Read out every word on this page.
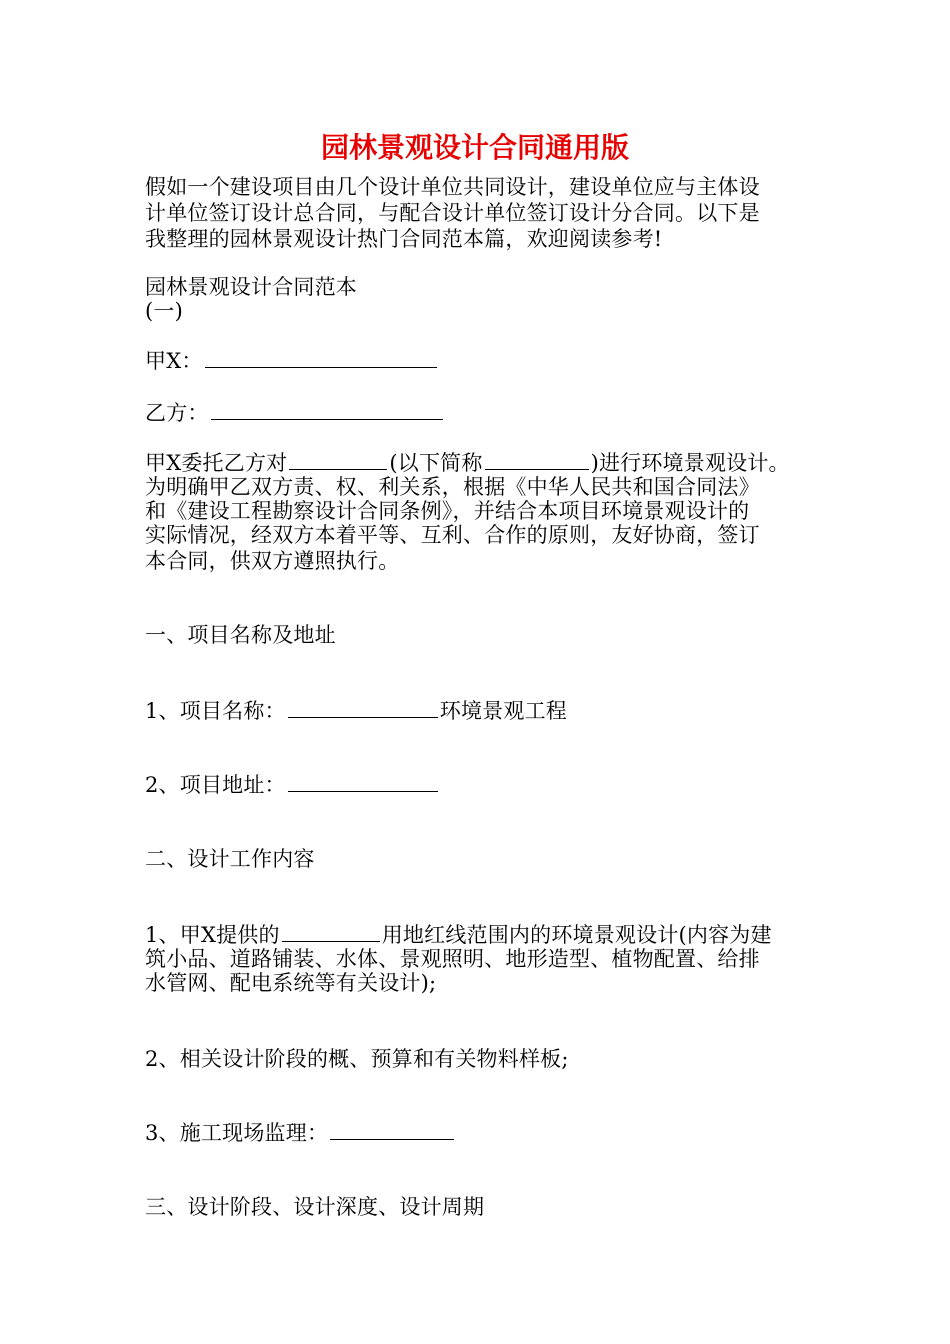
园林景观设计合同通用版
假如一个建设项目由几个设计单位共同设计，建设单位应与主体设
计单位签订设计总合同，与配合设计单位签订设计分合同。以下是
我整理的园林景观设计热门合同范本篇，欢迎阅读参考!
园林景观设计合同范本
(一)
甲X：
乙方：
甲X委托乙方对	(以下简称	)进行环境景观设计。
为明确甲乙双方责、权、利关系，根据《中华人民共和国合同法》
和《建设工程勘察设计合同条例》，并结合本项目环境景观设计的
实际情况，经双方本着平等、互利、合作的原则，友好协商，签订
本合同，供双方遵照执行。
一、项目名称及地址
1、项目名称：	环境景观工程
2、项目地址：
二、设计工作内容
1、甲X提供的	用地红线范围内的环境景观设计(内容为建
筑小品、道路铺装、水体、景观照明、地形造型、植物配置、给排
水管网、配电系统等有关设计);
2、相关设计阶段的概、预算和有关物料样板;
3、施工现场监理：
三、设计阶段、设计深度、设计周期
